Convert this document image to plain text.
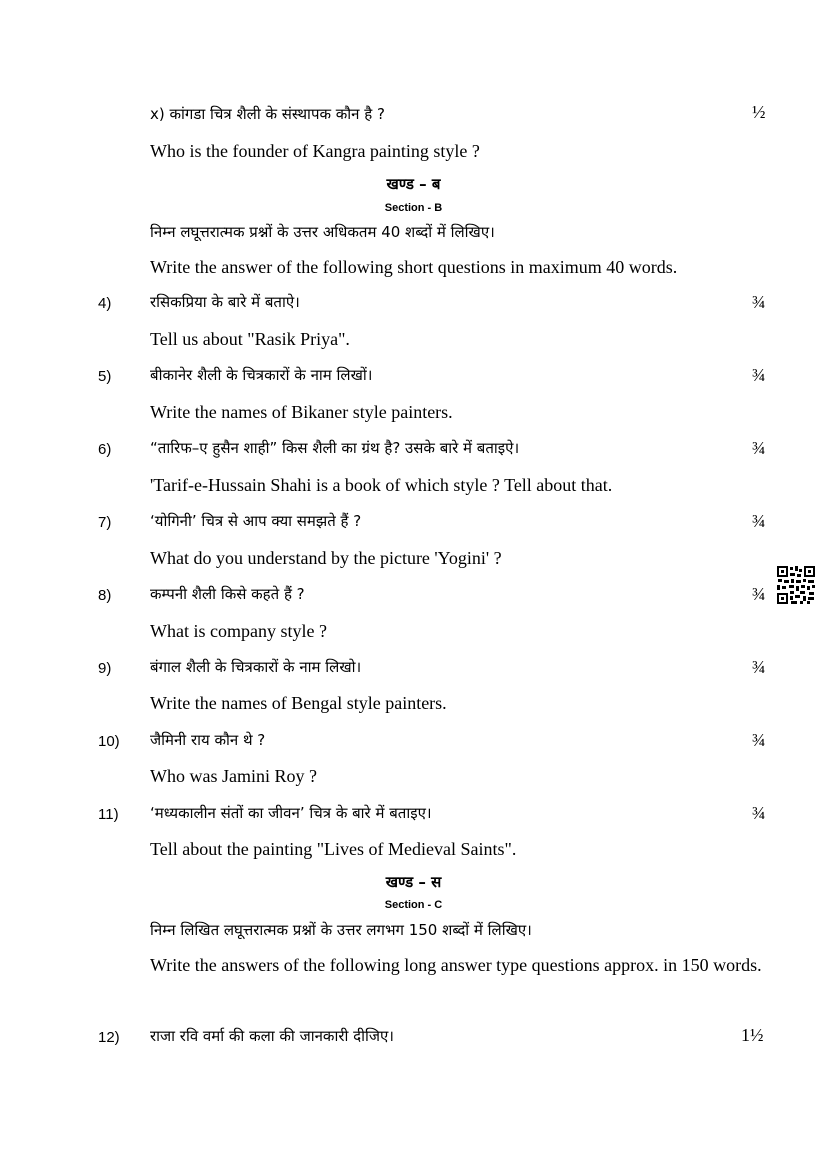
x) कांगडा चित्र शैली के संस्थापक कौन है ?	½
Who is the founder of Kangra painting style ?
खण्ड – ब
Section - B
निम्न लघूत्तरात्मक प्रश्नों के उत्तर अधिकतम 40 शब्दों में लिखिए।
Write the answer of the following short questions in maximum 40 words.
4)	रसिकप्रिया के बारे में बताऐ।	¾
Tell us about "Rasik Priya".
5)	बीकानेर शैली के चित्रकारों के नाम लिखों।	¾
Write the names of Bikaner style painters.
6)	“तारिफ–ए हुसैन शाही” किस शैली का ग्रंथ है? उसके बारे में बताइऐ।	¾
'Tarif-e-Hussain Shahi is a book of which style ? Tell about that.
7)	‘योगिनी’ चित्र से आप क्या समझते हैं ?	¾
What do you understand by the picture 'Yogini' ?
8)	कम्पनी शैली किसे कहते हैं ?	¾
What is company style ?
9)	बंगाल शैली के चित्रकारों के नाम लिखो।	¾
Write the names of Bengal style painters.
10) जैमिनी राय कौन थे ?	¾
Who was Jamini Roy ?
11) ‘मध्यकालीन संतों का जीवन’ चित्र के बारे में बताइए।	¾
Tell about the painting "Lives of Medieval Saints".
खण्ड – स
Section - C
निम्न लिखित लघूत्तरात्मक प्रश्नों के उत्तर लगभग 150 शब्दों में लिखिए।
Write the answers of the following long answer type questions approx. in 150 words.
12) राजा रवि वर्मा की कला की जानकारी दीजिए।	1½
